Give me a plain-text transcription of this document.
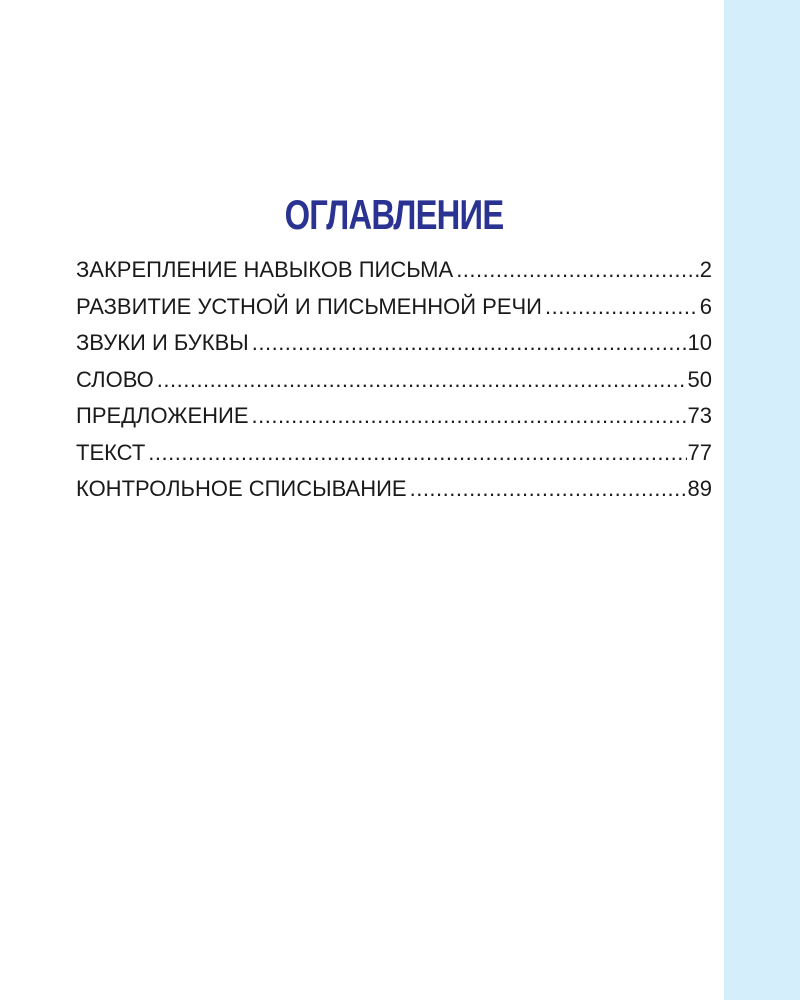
ОГЛАВЛЕНИЕ
ЗАКРЕПЛЕНИЕ НАВЫКОВ ПИСЬМА .....	2
РАЗВИТИЕ УСТНОЙ И ПИСЬМЕННОЙ РЕЧИ .....	6
ЗВУКИ И БУКВЫ .....	10
СЛОВО .....	50
ПРЕДЛОЖЕНИЕ .....	73
ТЕКСТ .....	77
КОНТРОЛЬНОЕ СПИСЫВАНИЕ .....	89
